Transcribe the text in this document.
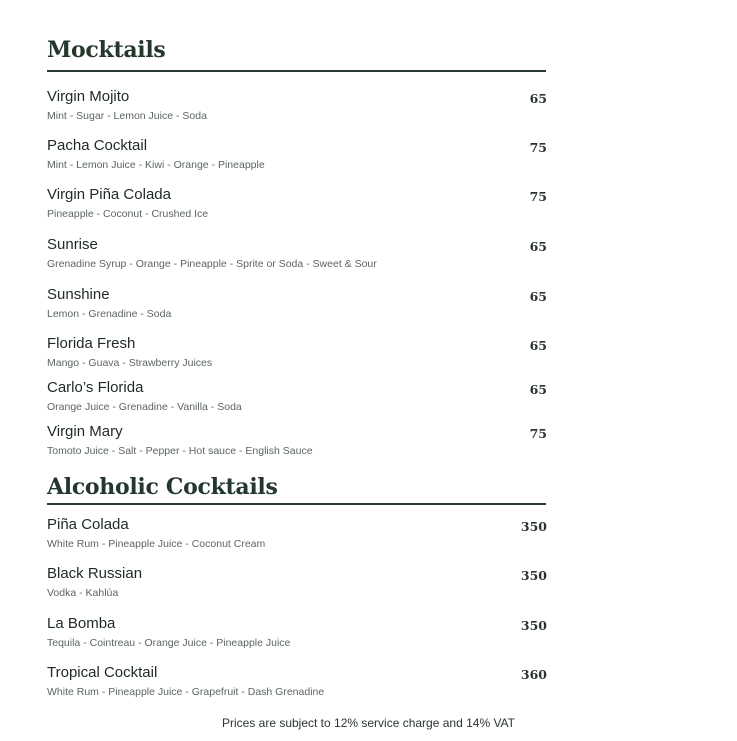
Mocktails
Virgin Mojito
Mint - Sugar - Lemon Juice - Soda
65
Pacha Cocktail
Mint - Lemon Juice - Kiwi - Orange - Pineapple
75
Virgin Piña Colada
Pineapple - Coconut - Crushed Ice
75
Sunrise
Grenadine Syrup - Orange - Pineapple - Sprite or Soda - Sweet & Sour
65
Sunshine
Lemon - Grenadine - Soda
65
Florida Fresh
Mango - Guava - Strawberry Juices
65
Carlo’s Florida
Orange Juice - Grenadine - Vanilla - Soda
65
Virgin Mary
Tomoto Juice - Salt - Pepper - Hot sauce - English Sauce
75
Alcoholic Cocktails
Piña Colada
White Rum - Pineapple Juice - Coconut Cream
350
Black Russian
Vodka - Kahlúa
350
La Bomba
Tequila - Cointreau - Orange Juice - Pineapple Juice
350
Tropical Cocktail
White Rum - Pineapple Juice - Grapefruit - Dash Grenadine
360
Prices are subject to 12% service charge and 14% VAT
